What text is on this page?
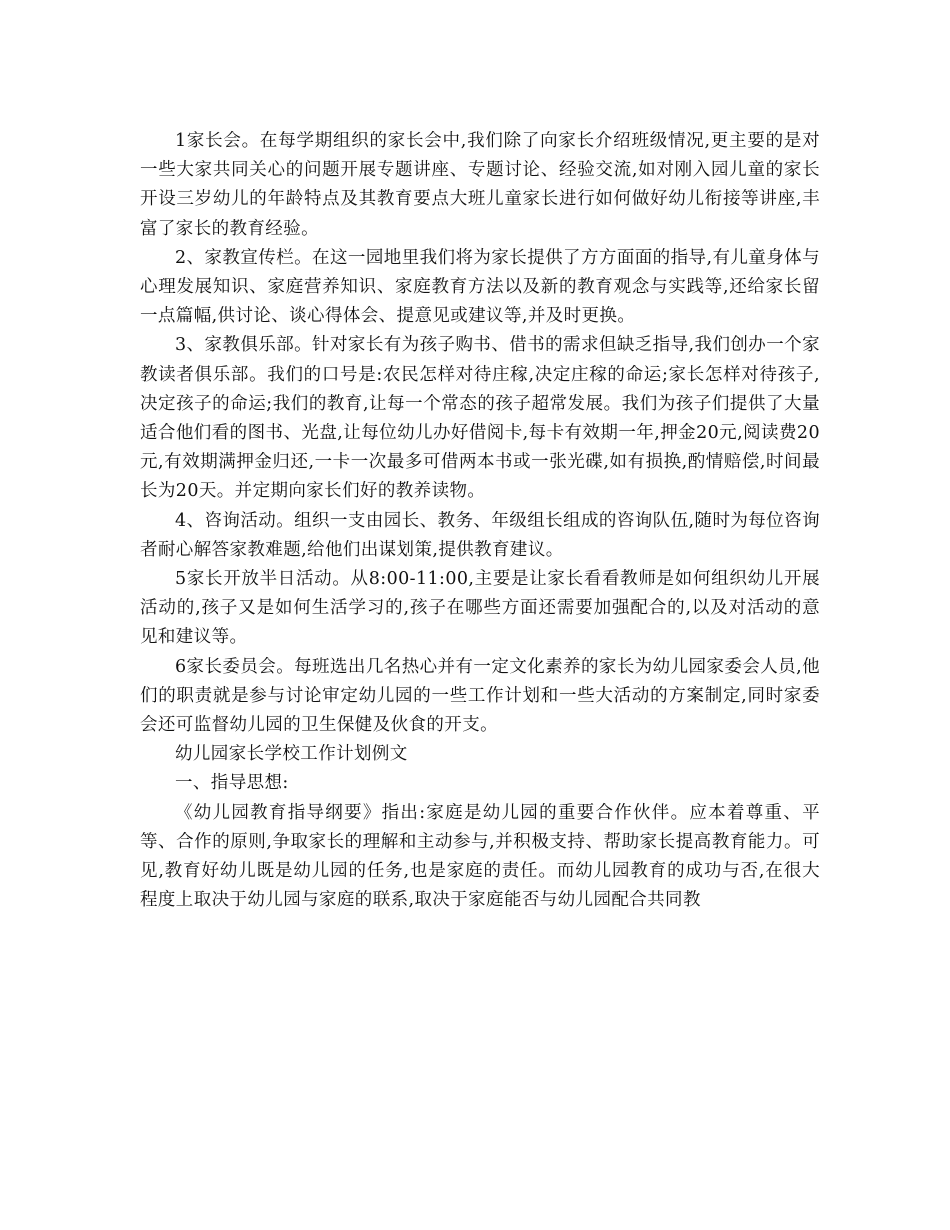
1家长会。在每学期组织的家长会中,我们除了向家长介绍班级情况,更主要的是对一些大家共同关心的问题开展专题讲座、专题讨论、经验交流,如对刚入园儿童的家长开设三岁幼儿的年龄特点及其教育要点大班儿童家长进行如何做好幼儿衔接等讲座,丰富了家长的教育经验。

2、家教宣传栏。在这一园地里我们将为家长提供了方方面面的指导,有儿童身体与心理发展知识、家庭营养知识、家庭教育方法以及新的教育观念与实践等,还给家长留一点篇幅,供讨论、谈心得体会、提意见或建议等,并及时更换。

3、家教俱乐部。针对家长有为孩子购书、借书的需求但缺乏指导,我们创办一个家教读者俱乐部。我们的口号是:农民怎样对待庄稼,决定庄稼的命运;家长怎样对待孩子,决定孩子的命运;我们的教育,让每一个常态的孩子超常发展。我们为孩子们提供了大量适合他们看的图书、光盘,让每位幼儿办好借阅卡,每卡有效期一年,押金20元,阅读费20元,有效期满押金归还,一卡一次最多可借两本书或一张光碟,如有损换,酌情赔偿,时间最长为20天。并定期向家长们好的教养读物。

4、咨询活动。组织一支由园长、教务、年级组长组成的咨询队伍,随时为每位咨询者耐心解答家教难题,给他们出谋划策,提供教育建议。

5家长开放半日活动。从8:00-11:00,主要是让家长看看教师是如何组织幼儿开展活动的,孩子又是如何生活学习的,孩子在哪些方面还需要加强配合的,以及对活动的意见和建议等。

6家长委员会。每班选出几名热心并有一定文化素养的家长为幼儿园家委会人员,他们的职责就是参与讨论审定幼儿园的一些工作计划和一些大活动的方案制定,同时家委会还可监督幼儿园的卫生保健及伙食的开支。

幼儿园家长学校工作计划例文

一、指导思想:

《幼儿园教育指导纲要》指出:家庭是幼儿园的重要合作伙伴。应本着尊重、平等、合作的原则,争取家长的理解和主动参与,并积极支持、帮助家长提高教育能力。可见,教育好幼儿既是幼儿园的任务,也是家庭的责任。而幼儿园教育的成功与否,在很大程度上取决于幼儿园与家庭的联系,取决于家庭能否与幼儿园配合共同教
